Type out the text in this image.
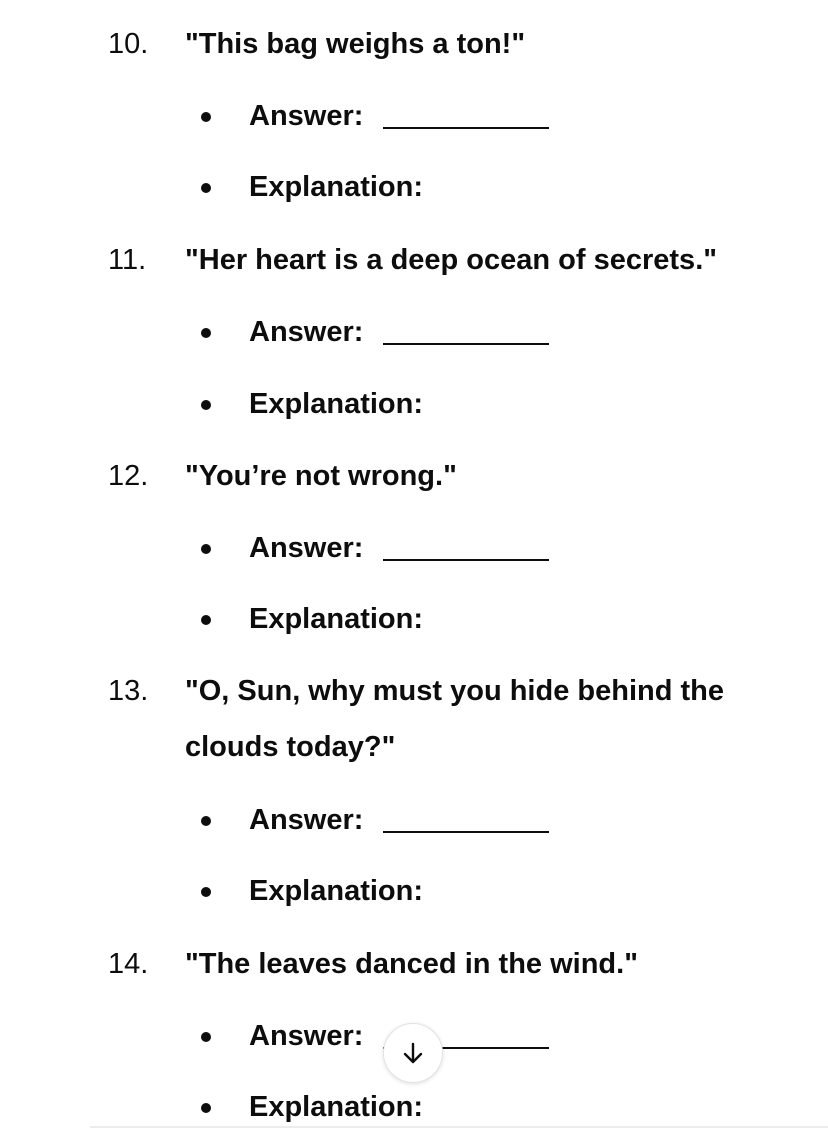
10. "This bag weighs a ton!"
Answer:
Explanation:
11. "Her heart is a deep ocean of secrets."
Answer:
Explanation:
12. "You’re not wrong."
Answer:
Explanation:
13. "O, Sun, why must you hide behind the
clouds today?"
Answer:
Explanation:
14. "The leaves danced in the wind."
Answer:
Explanation:
